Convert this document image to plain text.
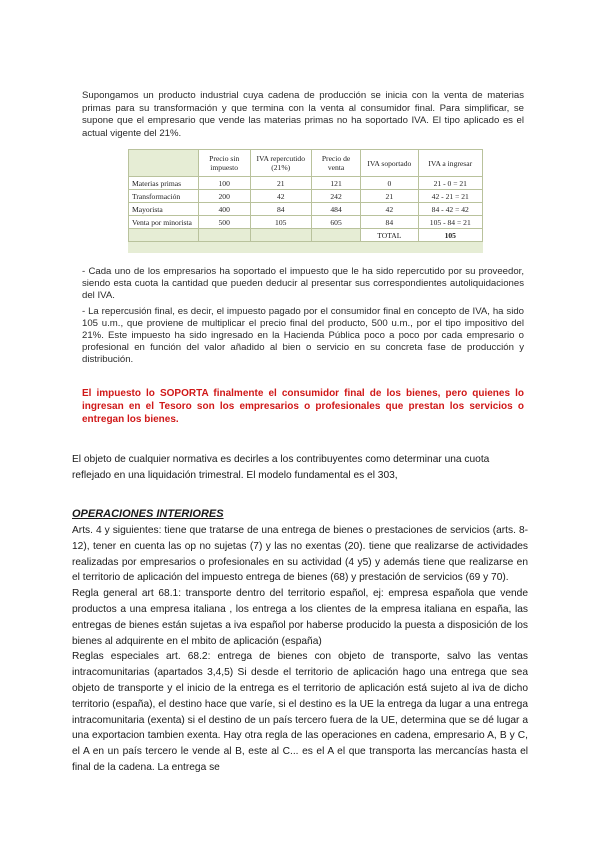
Supongamos un producto industrial cuya cadena de producción se inicia con la venta de materias primas para su transformación y que termina con la venta al consumidor final. Para simplificar, se supone que el empresario que vende las materias primas no ha soportado IVA. El tipo aplicado es el actual vigente del 21%.
	Precio sin impuesto	IVA repercutido (21%)	Precio de venta	IVA soportado	IVA a ingresar
Materias primas	100	21	121	0	21 - 0 = 21
Transformación	200	42	242	21	42 - 21 = 21
Mayorista	400	84	484	42	84 - 42 = 42
Venta por minorista	500	105	605	84	105 - 84 = 21
				TOTAL	105

- Cada uno de los empresarios ha soportado el impuesto que le ha sido repercutido por su proveedor, siendo esta cuota la cantidad que pueden deducir al presentar sus correspondientes autoliquidaciones del IVA.

- La repercusión final, es decir, el impuesto pagado por el consumidor final en concepto de IVA, ha sido 105 u.m., que proviene de multiplicar el precio final del producto, 500 u.m., por el tipo impositivo del 21%. Este impuesto ha sido ingresado en la Hacienda Pública poco a poco por cada empresario o profesional en función del valor añadido al bien o servicio en su concreta fase de producción y distribución.

El impuesto lo SOPORTA finalmente el consumidor final de los bienes, pero quienes lo ingresan en el Tesoro son los empresarios o profesionales que prestan los servicios o entregan los bienes.
El objeto de cualquier normativa es decirles a los contribuyentes como determinar una cuota reflejado en una liquidación trimestral. El modelo fundamental es el 303,
OPERACIONES INTERIORES

Arts. 4 y siguientes: tiene que tratarse de una entrega de bienes o prestaciones de servicios (arts. 8- 12), tener en cuenta las op no sujetas (7) y las no exentas (20). tiene que realizarse de actividades realizadas por empresarios o profesionales en su actividad (4 y5) y además tiene que realizarse en el territorio de aplicación del impuesto entrega de bienes (68) y prestación de servicios (69 y 70).

Regla general art 68.1: transporte dentro del territorio español, ej: empresa española que vende productos a una empresa italiana , los entrega a los clientes de la empresa italiana en españa, las entregas de bienes están sujetas a iva español por haberse producido la puesta a disposición de los bienes al adquirente en el mbito de aplicación (españa)

Reglas especiales art. 68.2: entrega de bienes con objeto de transporte, salvo las ventas intracomunitarias (apartados 3,4,5) Si desde el territorio de aplicación hago una entrega que sea objeto de transporte y el inicio de la entrega es el territorio de aplicación está sujeto al iva de dicho territorio (españa), el destino hace que varíe, si el destino es la UE la entrega da lugar a una entrega intracomunitaria (exenta) si el destino de un país tercero fuera de la UE, determina que se dé lugar a una exportacion tambien exenta. Hay otra regla de las operaciones en cadena, empresario A, B y C, el A en un país tercero le vende al B, este al C... es el A el que transporta las mercancías hasta el final de la cadena. La entrega se
